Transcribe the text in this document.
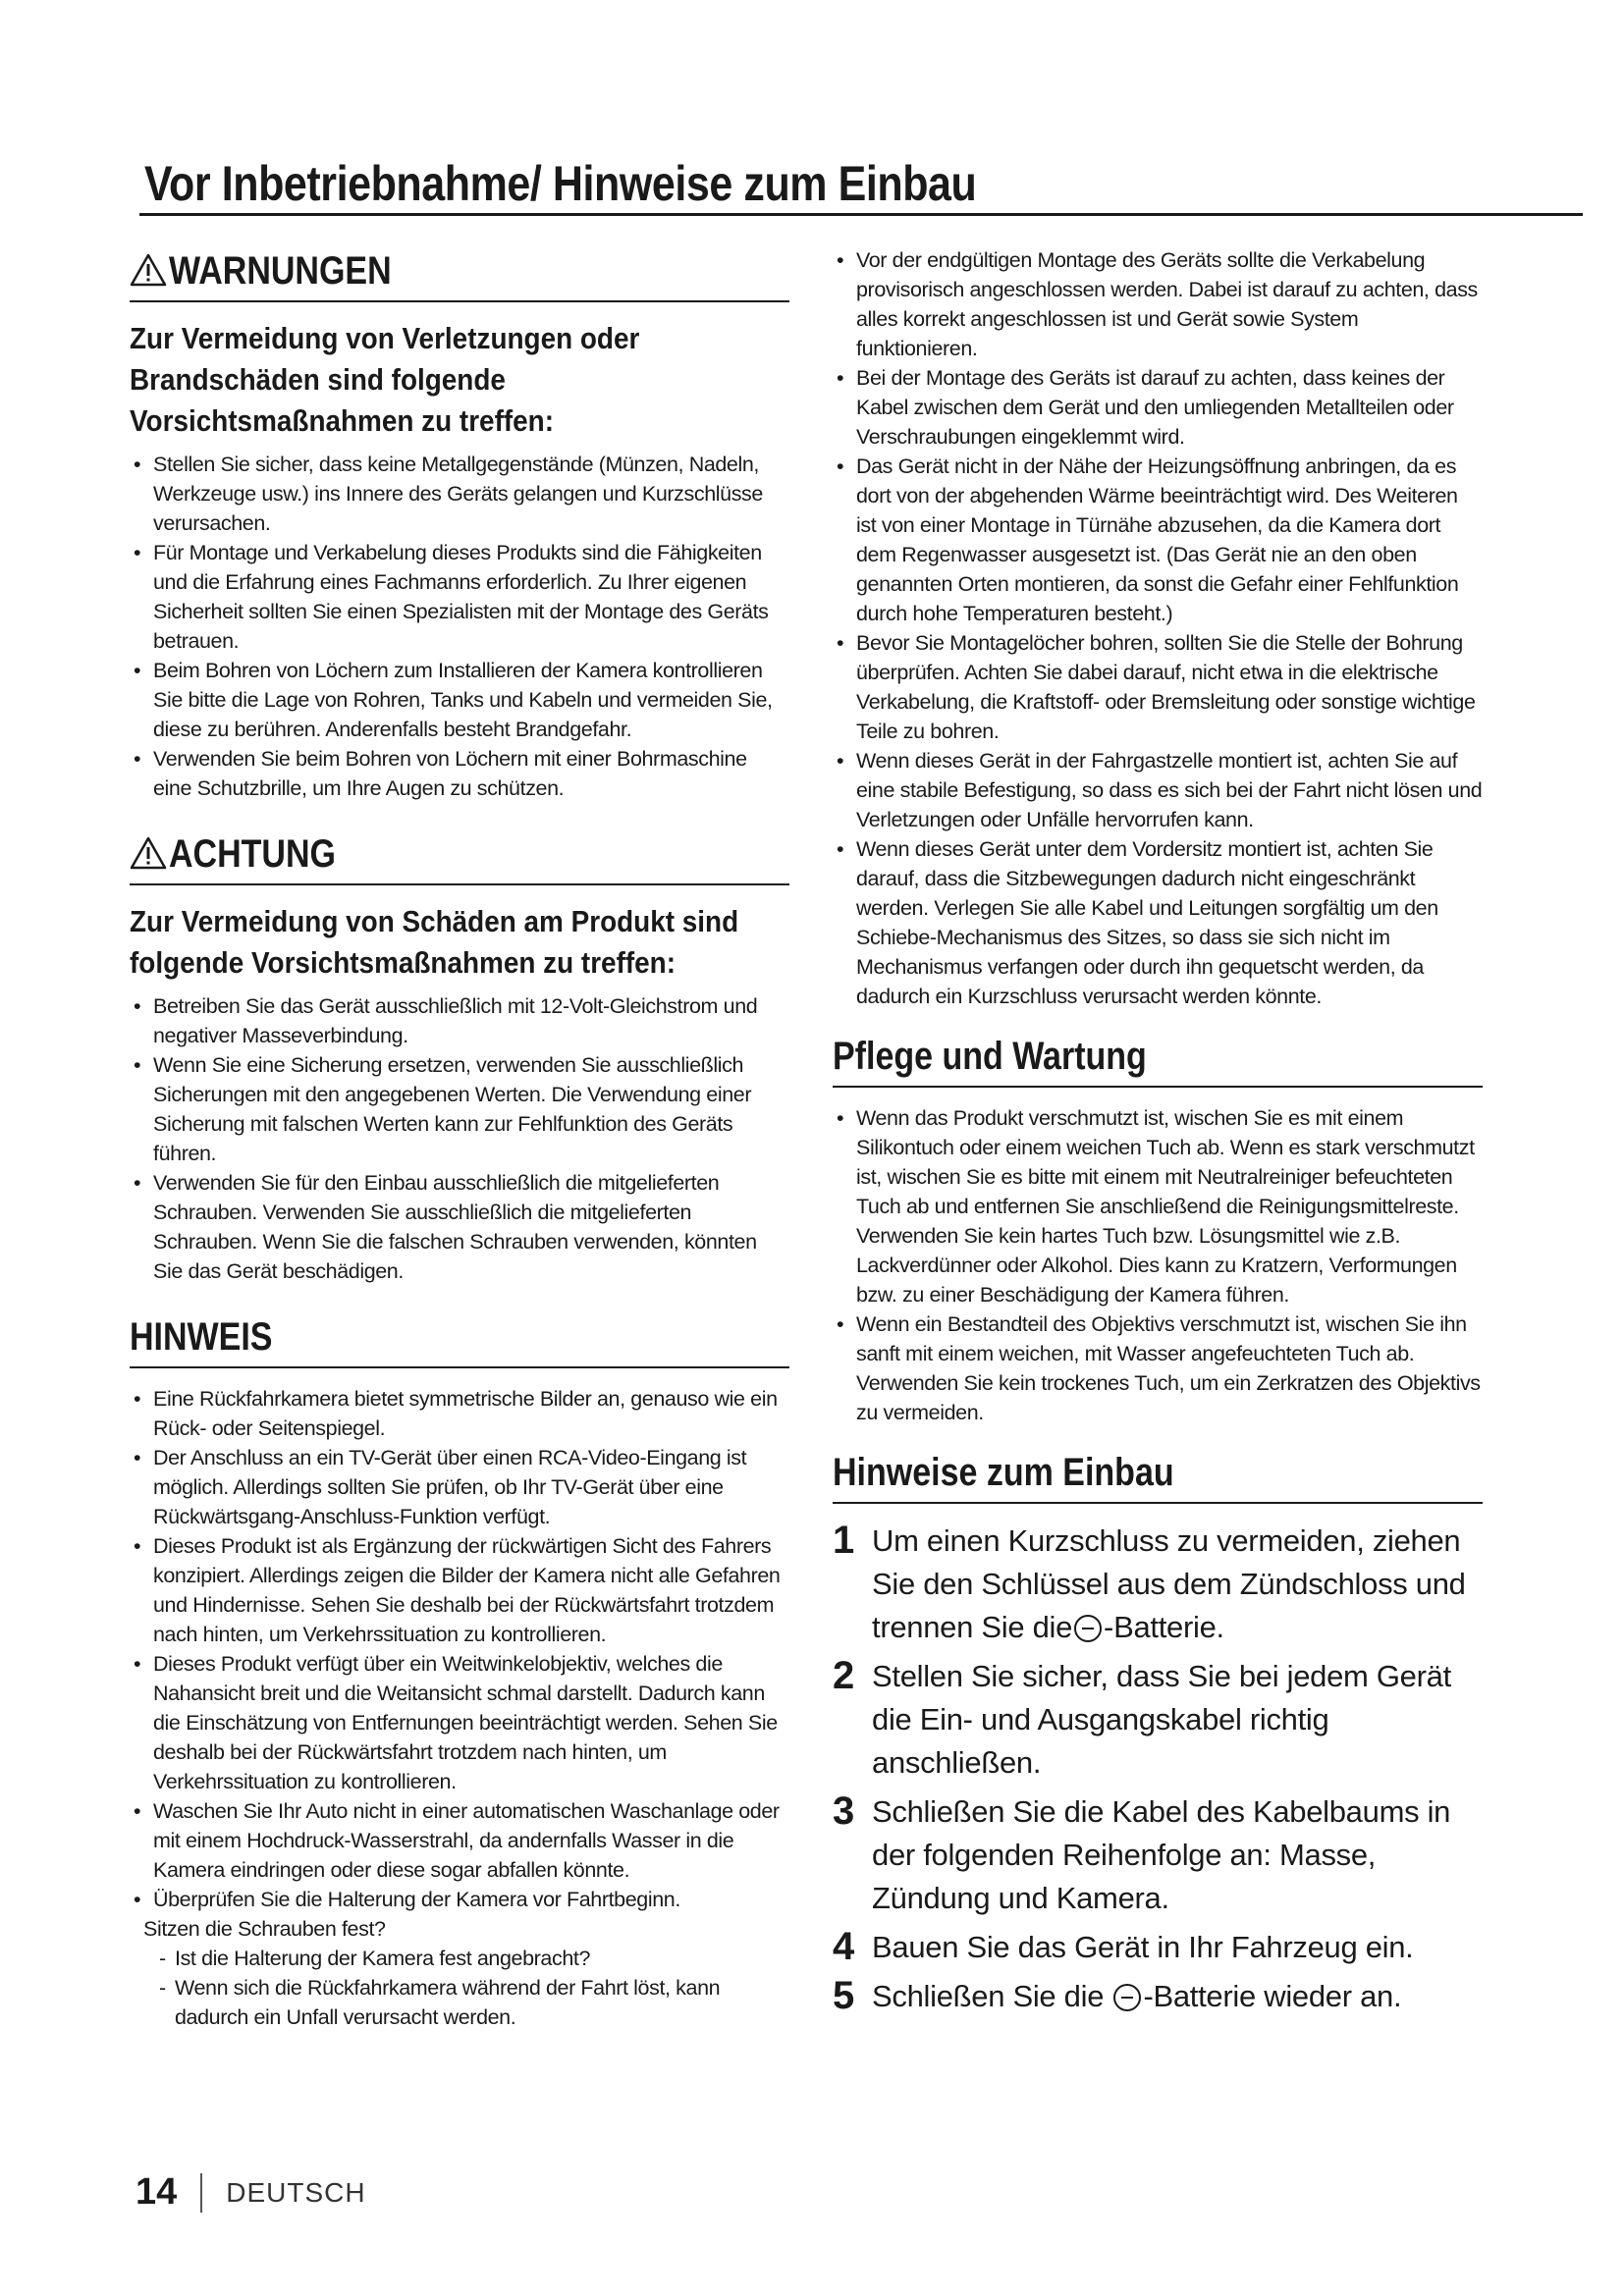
Vor Inbetriebnahme/ Hinweise zum Einbau
WARNUNGEN
Zur Vermeidung von Verletzungen oder Brandschäden sind folgende Vorsichtsmaßnahmen zu treffen:
• Stellen Sie sicher, dass keine Metallgegenstände (Münzen, Nadeln, Werkzeuge usw.) ins Innere des Geräts gelangen und Kurzschlüsse verursachen.
• Für Montage und Verkabelung dieses Produkts sind die Fähigkeiten und die Erfahrung eines Fachmanns erforderlich. Zu Ihrer eigenen Sicherheit sollten Sie einen Spezialisten mit der Montage des Geräts betrauen.
• Beim Bohren von Löchern zum Installieren der Kamera kontrollieren Sie bitte die Lage von Rohren, Tanks und Kabeln und vermeiden Sie, diese zu berühren. Anderenfalls besteht Brandgefahr.
• Verwenden Sie beim Bohren von Löchern mit einer Bohrmaschine eine Schutzbrille, um Ihre Augen zu schützen.
ACHTUNG
Zur Vermeidung von Schäden am Produkt sind folgende Vorsichtsmaßnahmen zu treffen:
• Betreiben Sie das Gerät ausschließlich mit 12-Volt-Gleichstrom und negativer Masseverbindung.
• Wenn Sie eine Sicherung ersetzen, verwenden Sie ausschließlich Sicherungen mit den angegebenen Werten. Die Verwendung einer Sicherung mit falschen Werten kann zur Fehlfunktion des Geräts führen.
• Verwenden Sie für den Einbau ausschließlich die mitgelieferten Schrauben. Verwenden Sie ausschließlich die mitgelieferten Schrauben. Wenn Sie die falschen Schrauben verwenden, könnten Sie das Gerät beschädigen.
HINWEIS
• Eine Rückfahrkamera bietet symmetrische Bilder an, genauso wie ein Rück- oder Seitenspiegel.
• Der Anschluss an ein TV-Gerät über einen RCA-Video-Eingang ist möglich. Allerdings sollten Sie prüfen, ob Ihr TV-Gerät über eine Rückwärtsgang-Anschluss-Funktion verfügt.
• Dieses Produkt ist als Ergänzung der rückwärtigen Sicht des Fahrers konzipiert. Allerdings zeigen die Bilder der Kamera nicht alle Gefahren und Hindernisse. Sehen Sie deshalb bei der Rückwärtsfahrt trotzdem nach hinten, um Verkehrssituation zu kontrollieren.
• Dieses Produkt verfügt über ein Weitwinkelobjektiv, welches die Nahansicht breit und die Weitansicht schmal darstellt. Dadurch kann die Einschätzung von Entfernungen beeinträchtigt werden. Sehen Sie deshalb bei der Rückwärtsfahrt trotzdem nach hinten, um Verkehrssituation zu kontrollieren.
• Waschen Sie Ihr Auto nicht in einer automatischen Waschanlage oder mit einem Hochdruck-Wasserstrahl, da andernfalls Wasser in die Kamera eindringen oder diese sogar abfallen könnte.
• Überprüfen Sie die Halterung der Kamera vor Fahrtbeginn.
Sitzen die Schrauben fest?
- Ist die Halterung der Kamera fest angebracht?
- Wenn sich die Rückfahrkamera während der Fahrt löst, kann dadurch ein Unfall verursacht werden.
• Vor der endgültigen Montage des Geräts sollte die Verkabelung provisorisch angeschlossen werden. Dabei ist darauf zu achten, dass alles korrekt angeschlossen ist und Gerät sowie System funktionieren.
• Bei der Montage des Geräts ist darauf zu achten, dass keines der Kabel zwischen dem Gerät und den umliegenden Metallteilen oder Verschraubungen eingeklemmt wird.
• Das Gerät nicht in der Nähe der Heizungsöffnung anbringen, da es dort von der abgehenden Wärme beeinträchtigt wird. Des Weiteren ist von einer Montage in Türnähe abzusehen, da die Kamera dort dem Regenwasser ausgesetzt ist. (Das Gerät nie an den oben genannten Orten montieren, da sonst die Gefahr einer Fehlfunktion durch hohe Temperaturen besteht.)
• Bevor Sie Montagelöcher bohren, sollten Sie die Stelle der Bohrung überprüfen. Achten Sie dabei darauf, nicht etwa in die elektrische Verkabelung, die Kraftstoff- oder Bremsleitung oder sonstige wichtige Teile zu bohren.
• Wenn dieses Gerät in der Fahrgastzelle montiert ist, achten Sie auf eine stabile Befestigung, so dass es sich bei der Fahrt nicht lösen und Verletzungen oder Unfälle hervorrufen kann.
• Wenn dieses Gerät unter dem Vordersitz montiert ist, achten Sie darauf, dass die Sitzbewegungen dadurch nicht eingeschränkt werden. Verlegen Sie alle Kabel und Leitungen sorgfältig um den Schiebe-Mechanismus des Sitzes, so dass sie sich nicht im Mechanismus verfangen oder durch ihn gequetscht werden, da dadurch ein Kurzschluss verursacht werden könnte.
Pflege und Wartung
• Wenn das Produkt verschmutzt ist, wischen Sie es mit einem Silikontuch oder einem weichen Tuch ab. Wenn es stark verschmutzt ist, wischen Sie es bitte mit einem mit Neutralreiniger befeuchteten Tuch ab und entfernen Sie anschließend die Reinigungsmittelreste. Verwenden Sie kein hartes Tuch bzw. Lösungsmittel wie z.B. Lackverdünner oder Alkohol. Dies kann zu Kratzern, Verformungen bzw. zu einer Beschädigung der Kamera führen.
• Wenn ein Bestandteil des Objektivs verschmutzt ist, wischen Sie ihn sanft mit einem weichen, mit Wasser angefeuchteten Tuch ab. Verwenden Sie kein trockenes Tuch, um ein Zerkratzen des Objektivs zu vermeiden.
Hinweise zum Einbau
1 Um einen Kurzschluss zu vermeiden, ziehen Sie den Schlüssel aus dem Zündschloss und trennen Sie die -Batterie.
2 Stellen Sie sicher, dass Sie bei jedem Gerät die Ein- und Ausgangskabel richtig anschließen.
3 Schließen Sie die Kabel des Kabelbaums in der folgenden Reihenfolge an: Masse, Zündung und Kamera.
4 Bauen Sie das Gerät in Ihr Fahrzeug ein.
5 Schließen Sie die -Batterie wieder an.
14 DEUTSCH
